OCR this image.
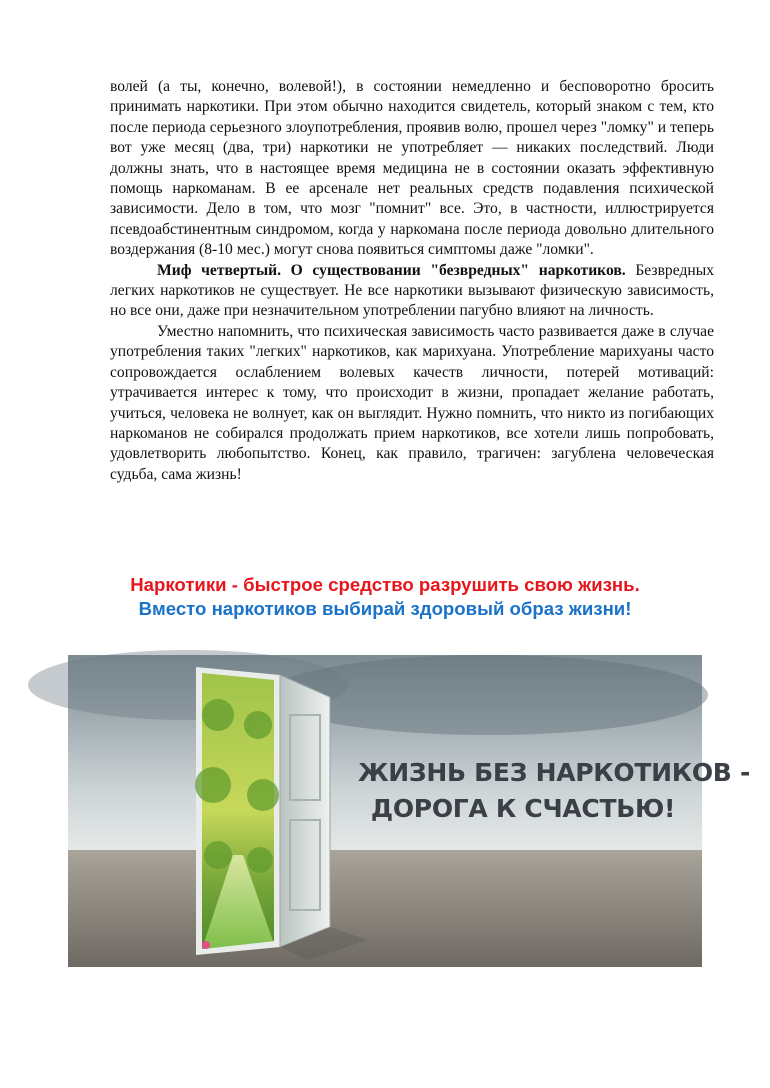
волей (а ты, конечно, волевой!), в состоянии немедленно и бесповоротно бросить принимать наркотики. При этом обычно находится свидетель, который знаком с тем, кто после периода серьезного злоупотребления, проявив волю, прошел через "ломку" и теперь вот уже месяц (два, три) наркотики не употребляет — никаких последствий. Люди должны знать, что в настоящее время медицина не в состоянии оказать эффективную помощь наркоманам. В ее арсенале нет реальных средств подавления психической зависимости. Дело в том, что мозг "помнит" все. Это, в частности, иллюстрируется псевдоабстинентным синдромом, когда у наркомана после периода довольно длительного воздержания (8-10 мес.) могут снова появиться симптомы даже "ломки".

Миф четвертый. О существовании "безвредных" наркотиков. Безвредных легких наркотиков не существует. Не все наркотики вызывают физическую зависимость, но все они, даже при незначительном употреблении пагубно влияют на личность.

Уместно напомнить, что психическая зависимость часто развивается даже в случае употребления таких "легких" наркотиков, как марихуана. Употребление марихуаны часто сопровождается ослаблением волевых качеств личности, потерей мотиваций: утрачивается интерес к тому, что происходит в жизни, пропадает желание работать, учиться, человека не волнует, как он выглядит. Нужно помнить, что никто из погибающих наркоманов не собирался продолжать прием наркотиков, все хотели лишь попробовать, удовлетворить любопытство. Конец, как правило, трагичен: загублена человеческая судьба, сама жизнь!

Наркотики - быстрое средство разрушить свою жизнь.
Вместо наркотиков выбирай здоровый образ жизни!
ЖИЗНЬ БЕЗ НАРКОТИКОВ -
ДОРОГА К СЧАСТЬЮ!
